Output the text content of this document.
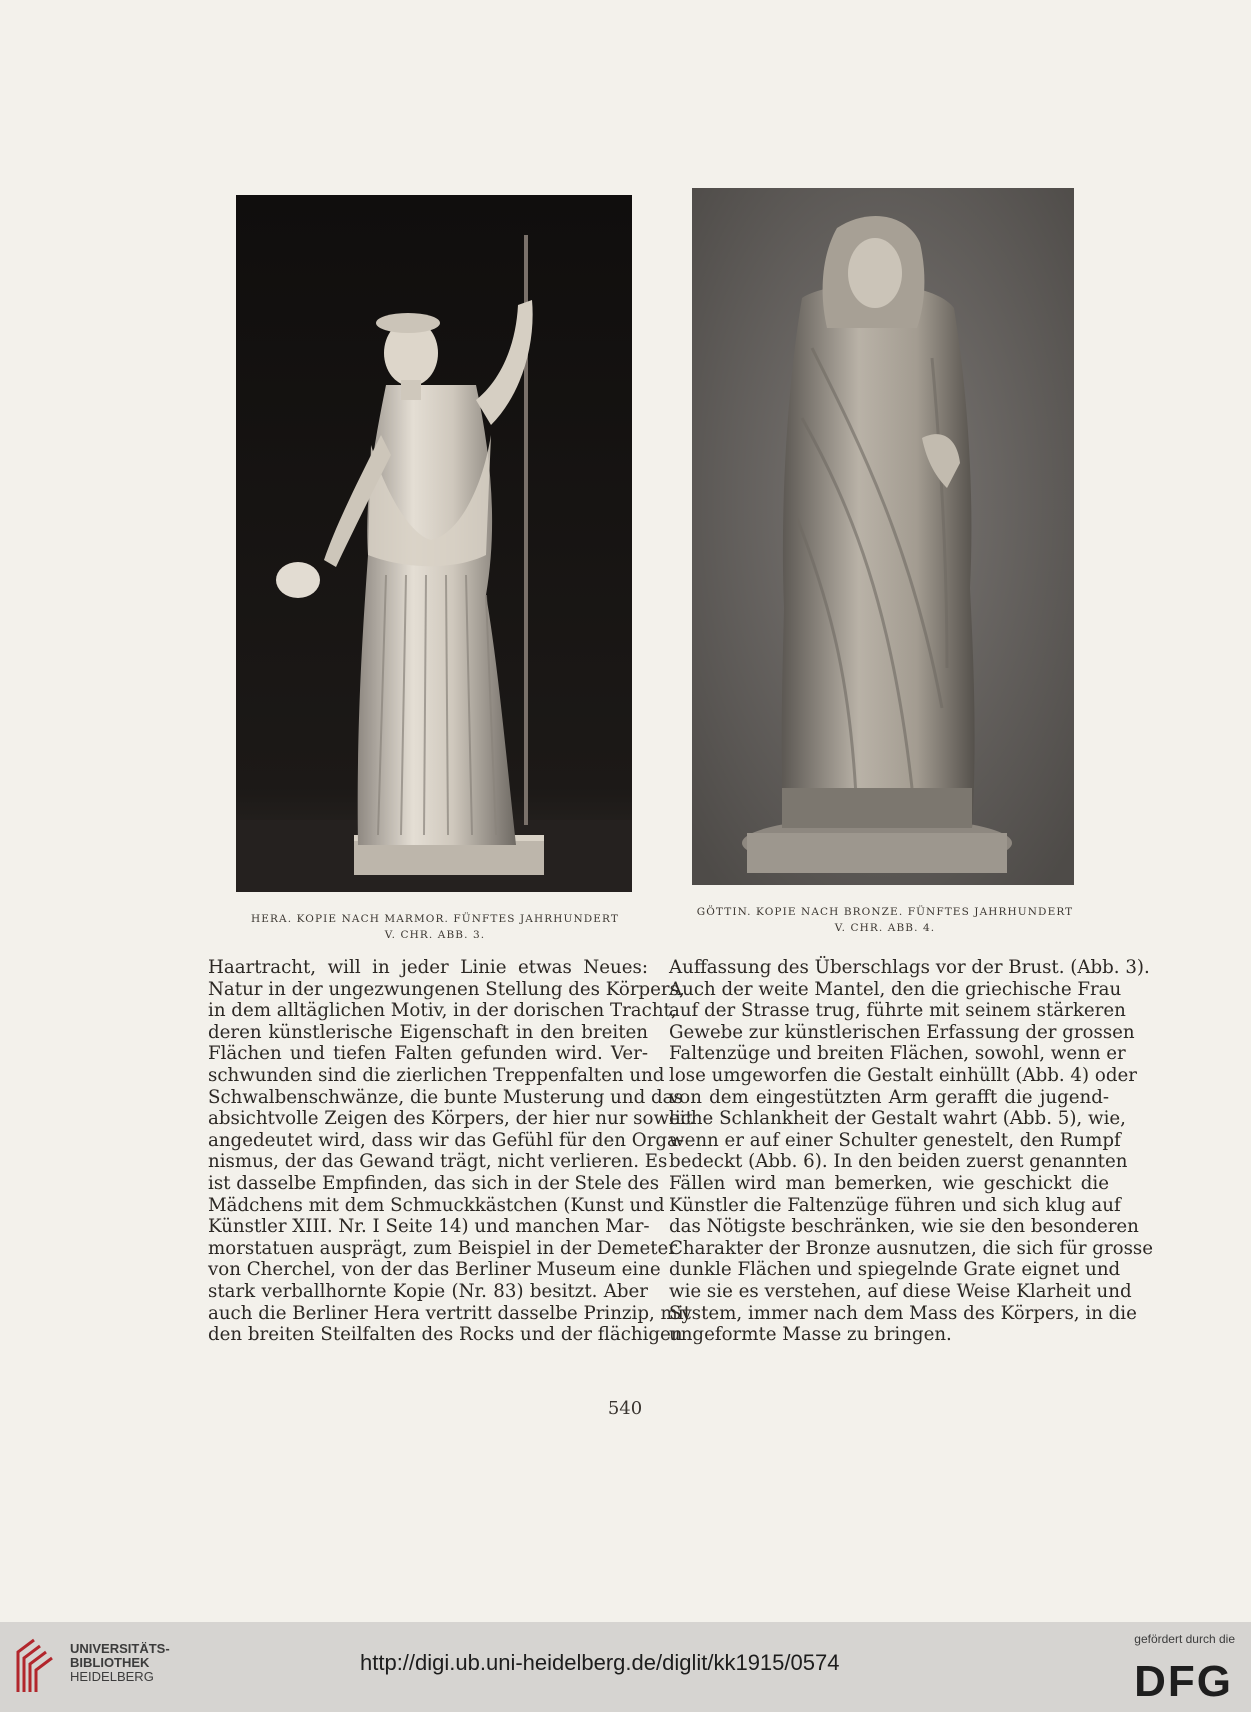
HERA. KOPIE NACH MARMOR. FÜNFTES JAHRHUNDERT
V. CHR. ABB. 3.
GÖTTIN. KOPIE NACH BRONZE. FÜNFTES JAHRHUNDERT
V. CHR. ABB. 4.
Haartracht, will in jeder Linie etwas Neues:
Natur in der ungezwungenen Stellung des Körpers,
in dem alltäglichen Motiv, in der dorischen Tracht,
deren künstlerische Eigenschaft in den breiten
Flächen und tiefen Falten gefunden wird. Ver-
schwunden sind die zierlichen Treppenfalten und
Schwalbenschwänze, die bunte Musterung und das
absichtvolle Zeigen des Körpers, der hier nur soweit
angedeutet wird, dass wir das Gefühl für den Orga-
nismus, der das Gewand trägt, nicht verlieren. Es
ist dasselbe Empfinden, das sich in der Stele des
Mädchens mit dem Schmuckkästchen (Kunst und
Künstler XIII. Nr. I Seite 14) und manchen Mar-
morstatuen ausprägt, zum Beispiel in der Demeter
von Cherchel, von der das Berliner Museum eine
stark verballhornte Kopie (Nr. 83) besitzt. Aber
auch die Berliner Hera vertritt dasselbe Prinzip, mit
den breiten Steilfalten des Rocks und der flächigen
Auffassung des Überschlags vor der Brust. (Abb. 3).
Auch der weite Mantel, den die griechische Frau
auf der Strasse trug, führte mit seinem stärkeren
Gewebe zur künstlerischen Erfassung der grossen
Faltenzüge und breiten Flächen, sowohl, wenn er
lose umgeworfen die Gestalt einhüllt (Abb. 4) oder
von dem eingestützten Arm gerafft die jugend-
liche Schlankheit der Gestalt wahrt (Abb. 5), wie,
wenn er auf einer Schulter genestelt, den Rumpf
bedeckt (Abb. 6). In den beiden zuerst genannten
Fällen wird man bemerken, wie geschickt die
Künstler die Faltenzüge führen und sich klug auf
das Nötigste beschränken, wie sie den besonderen
Charakter der Bronze ausnutzen, die sich für grosse
dunkle Flächen und spiegelnde Grate eignet und
wie sie es verstehen, auf diese Weise Klarheit und
System, immer nach dem Mass des Körpers, in die
ungeformte Masse zu bringen.
540
UNIVERSITÄTS-
BIBLIOTHEK
HEIDELBERG
http://digi.ub.uni-heidelberg.de/diglit/kk1915/0574
gefördert durch die
DFG
